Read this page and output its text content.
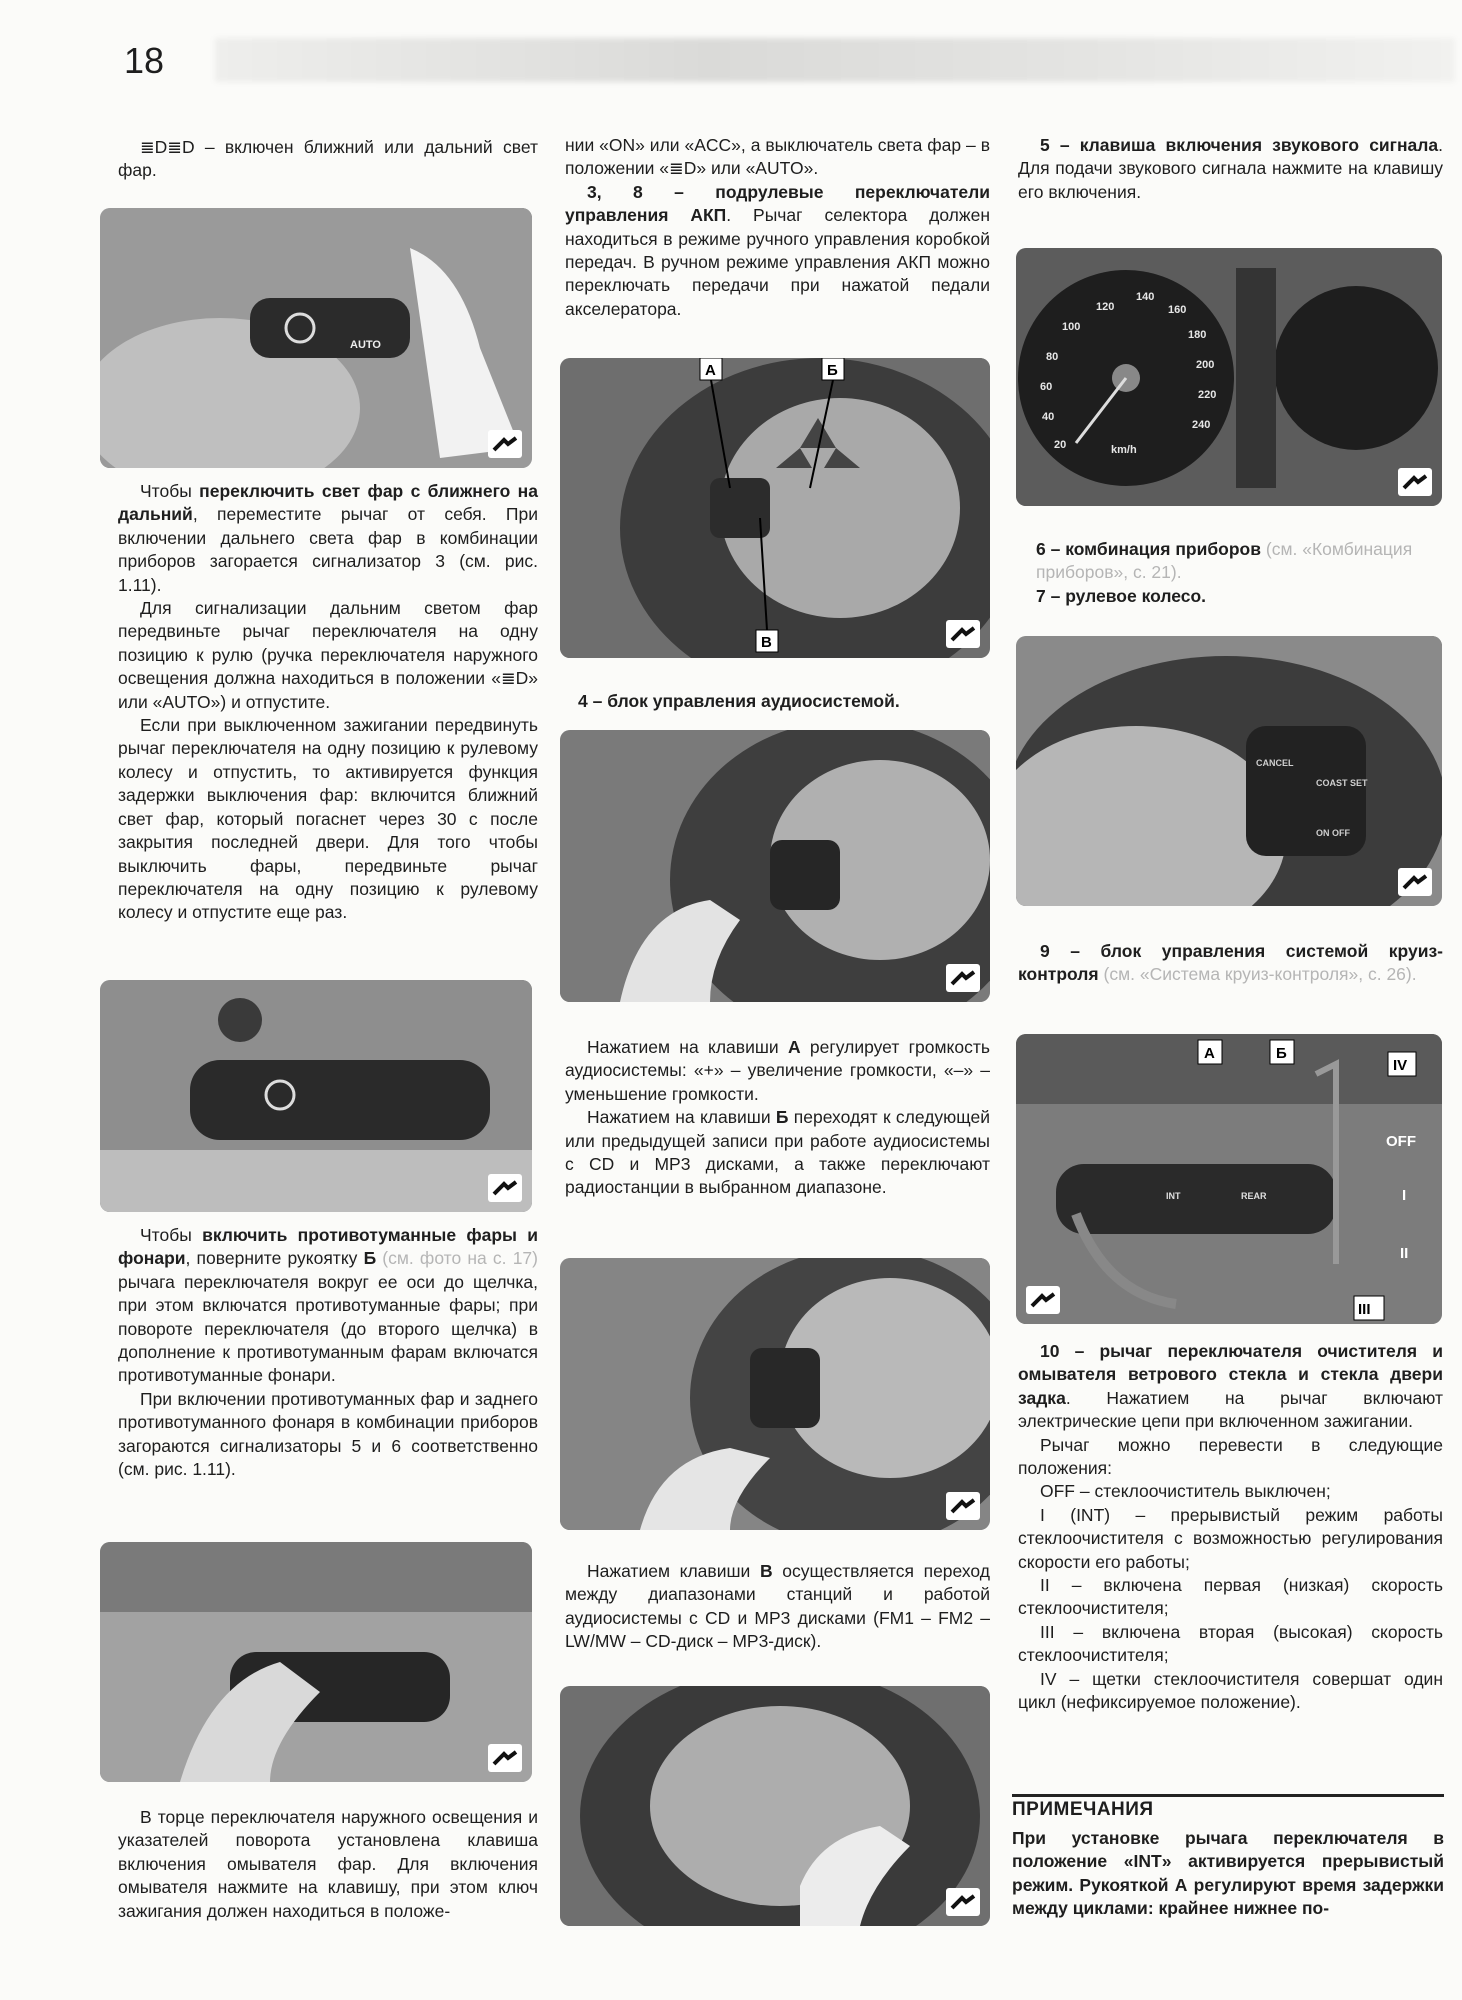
18

≣D≣D – включен ближний или дальний свет фар.

AUTO

Чтобы переключить свет фар с ближнего на дальний, переместите рычаг от себя. При включении дальнего света фар в комбинации приборов загорается сигнализатор 3 (см. рис. 1.11).

Для сигнализации дальним светом фар передвиньте рычаг переключателя на одну позицию к рулю (ручка переключателя наружного освещения должна находиться в положении «≣D» или «AUTO») и отпустите.

Если при выключенном зажигании передвинуть рычаг переключателя на одну позицию к рулевому колесу и отпустить, то активируется функция задержки выключения фар: включится ближний свет фар, который погаснет через 30 с после закрытия последней двери. Для того чтобы выключить фары, передвиньте рычаг переключателя на одну позицию к рулевому колесу и отпустите еще раз.

Чтобы включить противотуманные фары и фонари, поверните рукоятку Б (см. фото на с. 17) рычага переключателя вокруг ее оси до щелчка, при этом включатся противотуманные фары; при повороте переключателя (до второго щелчка) в дополнение к противотуманным фарам включатся противотуманные фонари.

При включении противотуманных фар и заднего противотуманного фонаря в комбинации приборов загораются сигнализаторы 5 и 6 соответственно (см. рис. 1.11).

В торце переключателя наружного освещения и указателей поворота установлена клавиша включения омывателя фар. Для включения омывателя нажмите на клавишу, при этом ключ зажигания должен находиться в положе-

нии «ON» или «ACC», а выключатель света фар – в положении «≣D» или «AUTO».

3, 8 – подрулевые переключатели управления АКП. Рычаг селектора должен находиться в режиме ручного управления коробкой передач. В ручном режиме управления АКП можно переключать передачи при нажатой педали акселератора.

А	Б
В

4 – блок управления аудиосистемой.

Нажатием на клавиши А регулирует громкость аудиосистемы: «+» – увеличение громкости, «–» – уменьшение громкости.

Нажатием на клавиши Б переходят к следующей или предыдущей записи при работе аудиосистемы с CD и MP3 дисками, а также переключают радиостанции в выбранном диапазоне.

Нажатием клавиши В осуществляется переход между диапазонами станций и работой аудиосистемы с CD и MP3 дисками (FM1 – FM2 – LW/MW – CD-диск – MP3-диск).

5 – клавиша включения звукового сигнала. Для подачи звукового сигнала нажмите на клавишу его включения.

120
140
160
100
180
80
200
60
220
40
240
20	km/h

6 – комбинация приборов (см. «Комбинация приборов», с. 21).

7 – рулевое колесо.

CANCEL
COAST SET
ON OFF

9 – блок управления системой круиз-контроля (см. «Система круиз-контроля», с. 26).

А	Б
IV
OFF
I
II
III
INT	REAR

10 – рычаг переключателя очистителя и омывателя ветрового стекла и стекла двери задка. Нажатием на рычаг включают электрические цепи при включенном зажигании.

Рычаг можно перевести в следующие положения:

OFF – стеклоочиститель выключен;

I (INT) – прерывистый режим работы стеклоочистителя с возможностью регулирования скорости его работы;

II – включена первая (низкая) скорость стеклоочистителя;

III – включена вторая (высокая) скорость стеклоочистителя;

IV – щетки стеклоочистителя совершат один цикл (нефиксируемое положение).

ПРИМЕЧАНИЯ

При установке рычага переключателя в положение «INT» активируется прерывистый режим. Рукояткой А регулируют время задержки между циклами: крайнее нижнее по-
